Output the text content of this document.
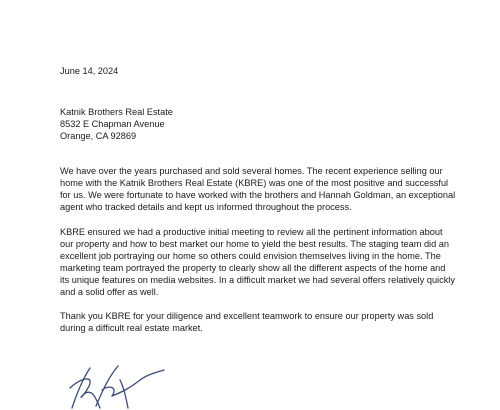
June 14, 2024
Katnik Brothers Real Estate
8532 E Chapman Avenue
Orange, CA 92869

We have over the years purchased and sold several homes. The recent experience selling our home with the Katnik Brothers Real Estate (KBRE) was one of the most positive and successful for us. We were fortunate to have worked with the brothers and Hannah Goldman, an exceptional agent who tracked details and kept us informed throughout the process.

KBRE ensured we had a productive initial meeting to review all the pertinent information about our property and how to best market our home to yield the best results. The staging team did an excellent job portraying our home so others could envision themselves living in the home. The marketing team portrayed the property to clearly show all the different aspects of the home and its unique features on media websites. In a difficult market we had several offers relatively quickly and a solid offer as well.

Thank you KBRE for your diligence and excellent teamwork to ensure our property was sold during a difficult real estate market.
